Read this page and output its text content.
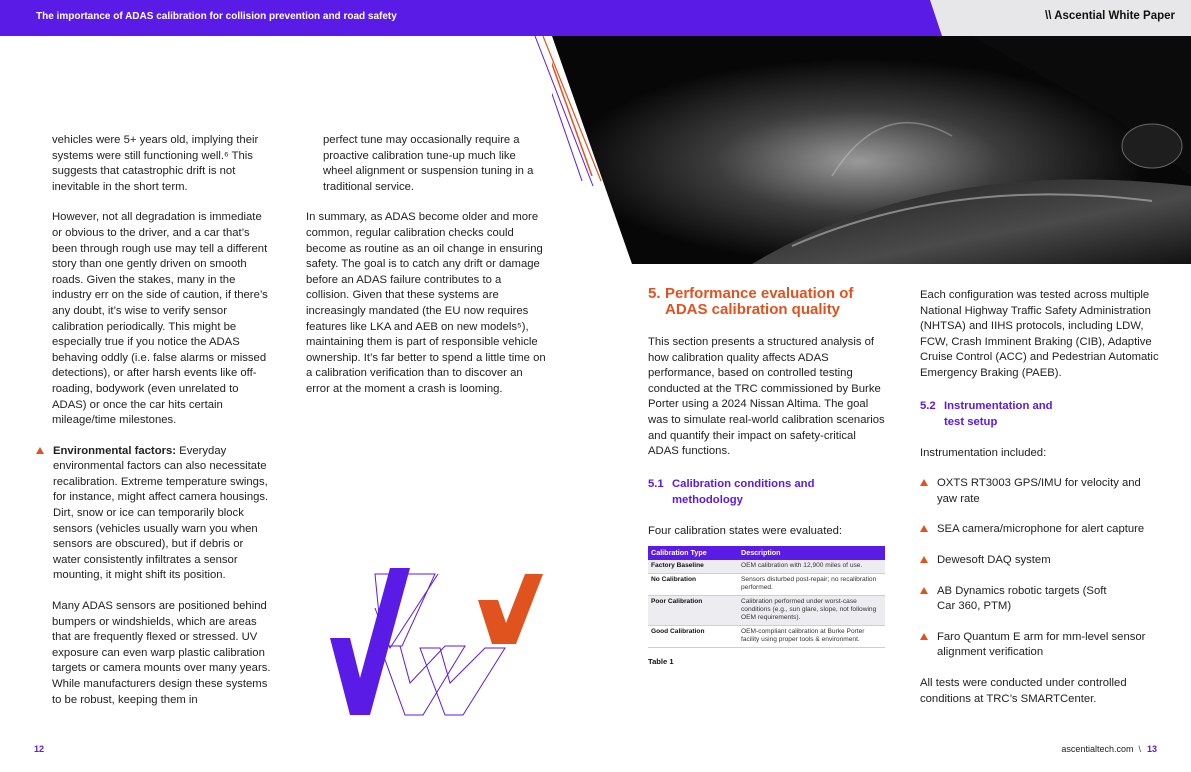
The importance of ADAS calibration for collision prevention and road safety	\\ Ascential White Paper

vehicles were 5+ years old, implying their systems were still functioning well.⁶ This suggests that catastrophic drift is not inevitable in the short term.

However, not all degradation is immediate or obvious to the driver, and a car that’s been through rough use may tell a different story than one gently driven on smooth roads. Given the stakes, many in the industry err on the side of caution, if there’s any doubt, it’s wise to verify sensor calibration periodically. This might be especially true if you notice the ADAS behaving oddly (i.e. false alarms or missed detections), or after harsh events like off-roading, bodywork (even unrelated to ADAS) or once the car hits certain mileage/time milestones.

Environmental factors: Everyday environmental factors can also necessitate recalibration. Extreme temperature swings, for instance, might affect camera housings. Dirt, snow or ice can temporarily block sensors (vehicles usually warn you when sensors are obscured), but if debris or water consistently infiltrates a sensor mounting, it might shift its position.

Many ADAS sensors are positioned behind bumpers or windshields, which are areas that are frequently flexed or stressed. UV exposure can even warp plastic calibration targets or camera mounts over many years. While manufacturers design these systems to be robust, keeping them in

perfect tune may occasionally require a proactive calibration tune-up much like wheel alignment or suspension tuning in a traditional service.

In summary, as ADAS become older and more common, regular calibration checks could become as routine as an oil change in ensuring safety. The goal is to catch any drift or damage before an ADAS failure contributes to a collision. Given that these systems are increasingly mandated (the EU now requires features like LKA and AEB on new models⁵), maintaining them is part of responsible vehicle ownership. It’s far better to spend a little time on a calibration verification than to discover an error at the moment a crash is looming.

5. Performance evaluation of ADAS calibration quality

This section presents a structured analysis of how calibration quality affects ADAS performance, based on controlled testing conducted at the TRC commissioned by Burke Porter using a 2024 Nissan Altima. The goal was to simulate real-world calibration scenarios and quantify their impact on safety-critical ADAS functions.

5.1 Calibration conditions and methodology

Four calibration states were evaluated:

Calibration Type	Description
Factory Baseline	OEM calibration with 12,900 miles of use.
No Calibration	Sensors disturbed post-repair; no recalibration performed.
Poor Calibration	Calibration performed under worst-case conditions (e.g., sun glare, slope, not following OEM requirements).
Good Calibration	OEM-compliant calibration at Burke Porter facility using proper tools & environment.
Table 1

Each configuration was tested across multiple National Highway Traffic Safety Administration (NHTSA) and IIHS protocols, including LDW, FCW, Crash Imminent Braking (CIB), Adaptive Cruise Control (ACC) and Pedestrian Automatic Emergency Braking (PAEB).

5.2 Instrumentation and test setup

Instrumentation included:

OXTS RT3003 GPS/IMU for velocity and yaw rate
SEA camera/microphone for alert capture
Dewesoft DAQ system
AB Dynamics robotic targets (Soft Car 360, PTM)
Faro Quantum E arm for mm-level sensor alignment verification

All tests were conducted under controlled conditions at TRC’s SMARTCenter.

12	ascentialtech.com \ 13
